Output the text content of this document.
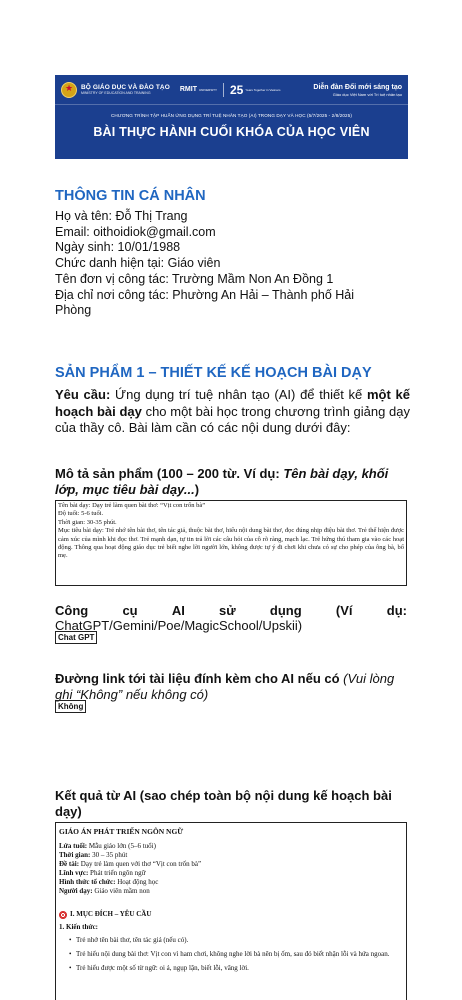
★
BỘ GIÁO DỤC VÀ ĐÀO TẠO
MINISTRY OF EDUCATION AND TRAINING	RMIT UNIVERSITY 25 Years Together in Vietnam	Diễn đàn Đổi mới sáng tạo
Giáo dục Việt Nam với Trí tuệ nhân tạo
CHƯƠNG TRÌNH TẬP HUẤN ỨNG DỤNG TRÍ TUỆ NHÂN TẠO (AI) TRONG DẠY VÀ HỌC (5/7/2025 - 2/8/2025)
BÀI THỰC HÀNH CUỐI KHÓA CỦA HỌC VIÊN
THÔNG TIN CÁ NHÂN
Họ và tên: Đỗ Thị Trang
Email: oithoidiok@gmail.com
Ngày sinh: 10/01/1988
Chức danh hiện tại: Giáo viên
Tên đơn vị công tác: Trường Mầm Non An Đồng 1
Địa chỉ nơi công tác: Phường An Hải – Thành phố Hải
Phòng
SẢN PHẨM 1 – THIẾT KẾ KẾ HOẠCH BÀI DẠY
Yêu cầu: Ứng dụng trí tuệ nhân tạo (AI) để thiết kế một kế hoạch bài dạy cho một bài học trong chương trình giảng dạy của thầy cô. Bài làm cần có các nội dung dưới đây:
Mô tả sản phẩm (100 – 200 từ. Ví dụ: Tên bài dạy, khối lớp, mục tiêu bài dạy...)
Tên bài dạy: Dạy trẻ làm quen bài thơ: “Vịt con trốn bà”
Độ tuổi: 5-6 tuổi.
Thời gian: 30-35 phút.
Mục tiêu bài dạy: Trẻ nhớ tên bài thơ, tên tác giả, thuộc bài thơ, hiểu nội dung bài thơ, đọc đúng nhịp điệu bài thơ. Trẻ thể hiện được cảm xúc của mình khi đọc thơ. Trẻ mạnh dạn, tự tin trả lời các câu hỏi của cô rõ ràng, mạch lạc. Trẻ hứng thú tham gia vào các hoạt động. Thông qua hoạt động giáo dục trẻ biết nghe lời người lớn, không được tự ý đi chơi khi chưa có sự cho phép của ông bà, bố mẹ.
Công	cụ	AI	sử	dụng	(Ví	dụ:
ChatGPT/Gemini/Poe/MagicSchool/Upskii)
Chat GPT
Đường link tới tài liệu đính kèm cho AI nếu có (Vui lòng ghi “Không” nếu không có)
Không
Kết quả từ AI (sao chép toàn bộ nội dung kế hoạch bài dạy)
GIÁO ÁN PHÁT TRIỂN NGÔN NGỮ
Lứa tuổi: Mẫu giáo lớn (5–6 tuổi)
Thời gian: 30 – 35 phút
Đề tài: Dạy trẻ làm quen với thơ “Vịt con trốn bà”
Lĩnh vực: Phát triển ngôn ngữ
Hình thức tổ chức: Hoạt động học
Người dạy: Giáo viên mầm non
I. MỤC ĐÍCH – YÊU CẦU
1. Kiến thức:
• Trẻ nhớ tên bài thơ, tên tác giả (nếu có).
• Trẻ hiểu nội dung bài thơ: Vịt con vì ham chơi, không nghe lời bà nên bị ốm, sau đó biết nhận lỗi và hứa ngoan.
• Trẻ hiểu được một số từ ngữ: oi ả, ngụp lặn, biết lỗi, vâng lời.
